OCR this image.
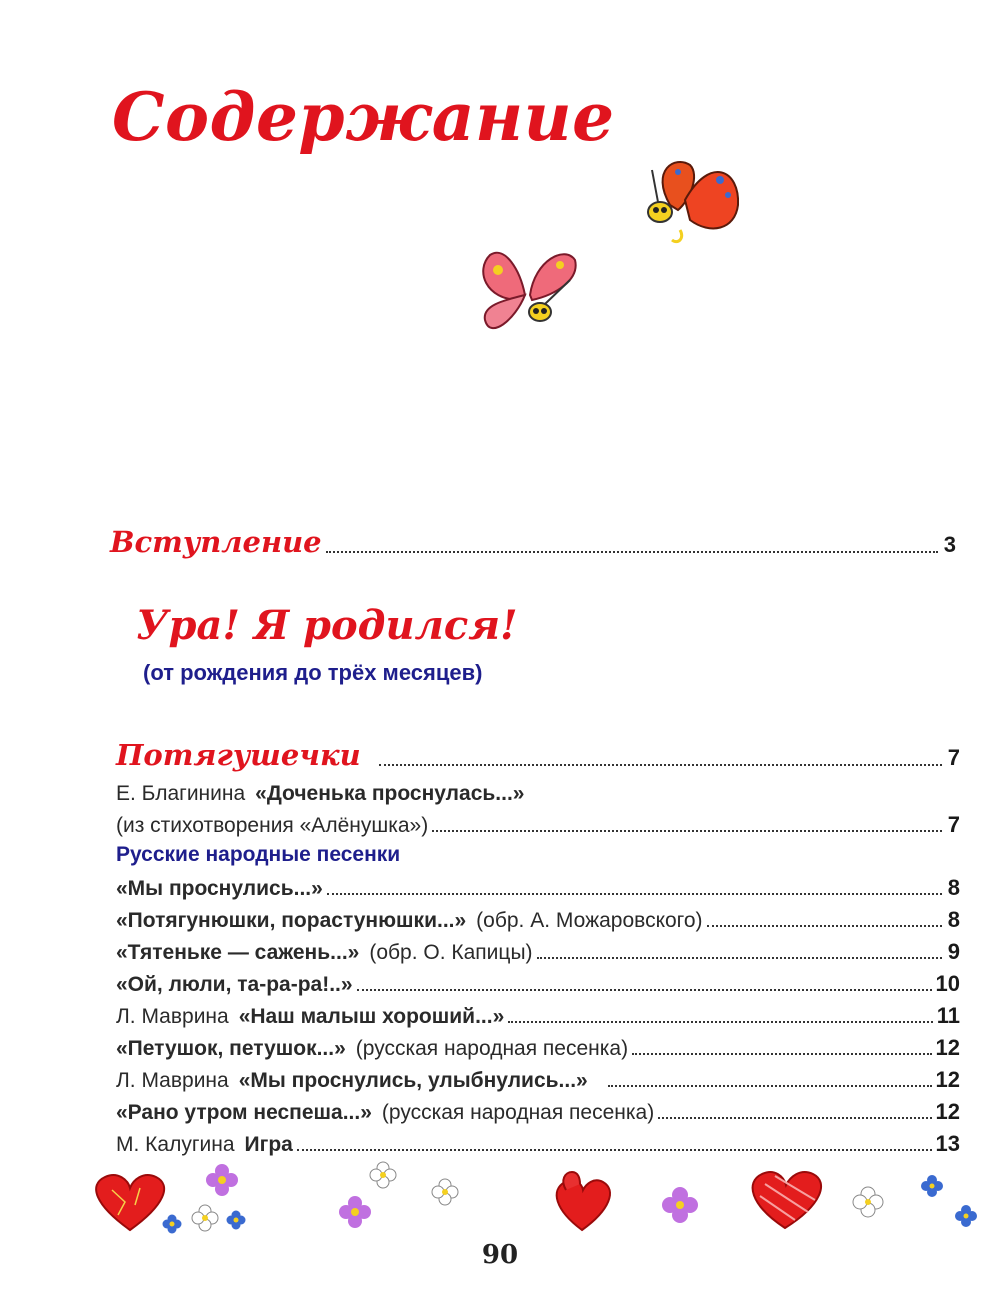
Содержание
Вступление	3
Ура! Я родился!
(от рождения до трёх месяцев)
Потягушечки	7
Е. Благинина «Доченька проснулась...»
(из стихотворения «Алёнушка»)	7
Русские народные песенки
«Мы проснулись...»	8
«Потягунюшки, порастунюшки...» (обр. А. Можаровского)	8
«Тятеньке — сажень...» (обр. О. Капицы)	9
«Ой, люли, та-ра-ра!..»	10
Л. Маврина «Наш малыш хороший...»	11
«Петушок, петушок...» (русская народная песенка)	12
Л. Маврина «Мы проснулись, улыбнулись...»	12
«Рано утром неспеша...» (русская народная песенка)	12
М. Калугина Игра	13
90
